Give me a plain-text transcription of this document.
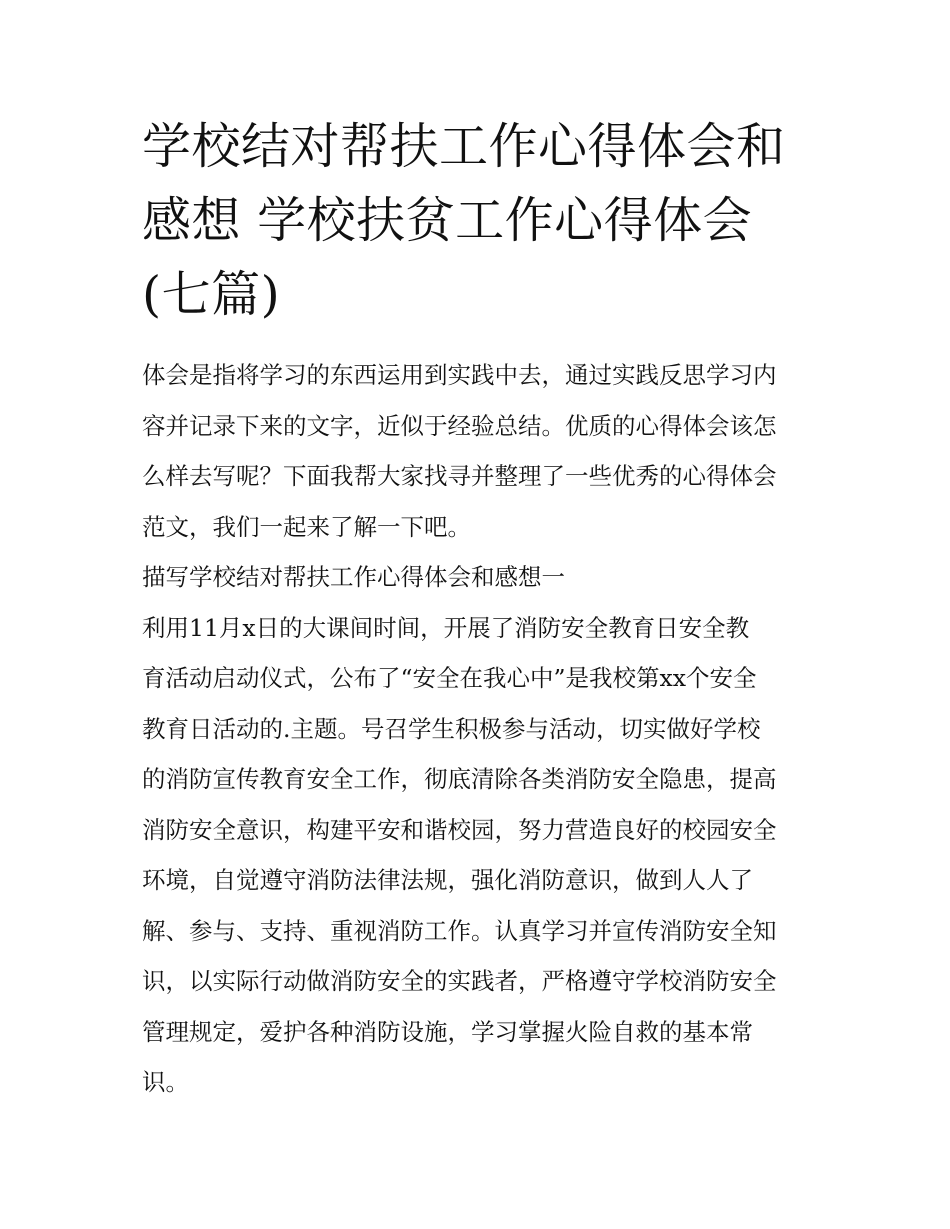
学校结对帮扶工作心得体会和
感想 学校扶贫工作心得体会
(七篇)
体会是指将学习的东西运用到实践中去，通过实践反思学习内
容并记录下来的文字，近似于经验总结。优质的心得体会该怎
么样去写呢？下面我帮大家找寻并整理了一些优秀的心得体会
范文，我们一起来了解一下吧。
描写学校结对帮扶工作心得体会和感想一
利用11月x日的大课间时间，开展了消防安全教育日安全教
育活动启动仪式，公布了“安全在我心中”是我校第xx个安全
教育日活动的.主题。号召学生积极参与活动，切实做好学校
的消防宣传教育安全工作，彻底清除各类消防安全隐患，提高
消防安全意识，构建平安和谐校园，努力营造良好的校园安全
环境，自觉遵守消防法律法规，强化消防意识，做到人人了
解、参与、支持、重视消防工作。认真学习并宣传消防安全知
识，以实际行动做消防安全的实践者，严格遵守学校消防安全
管理规定，爱护各种消防设施，学习掌握火险自救的基本常
识。
